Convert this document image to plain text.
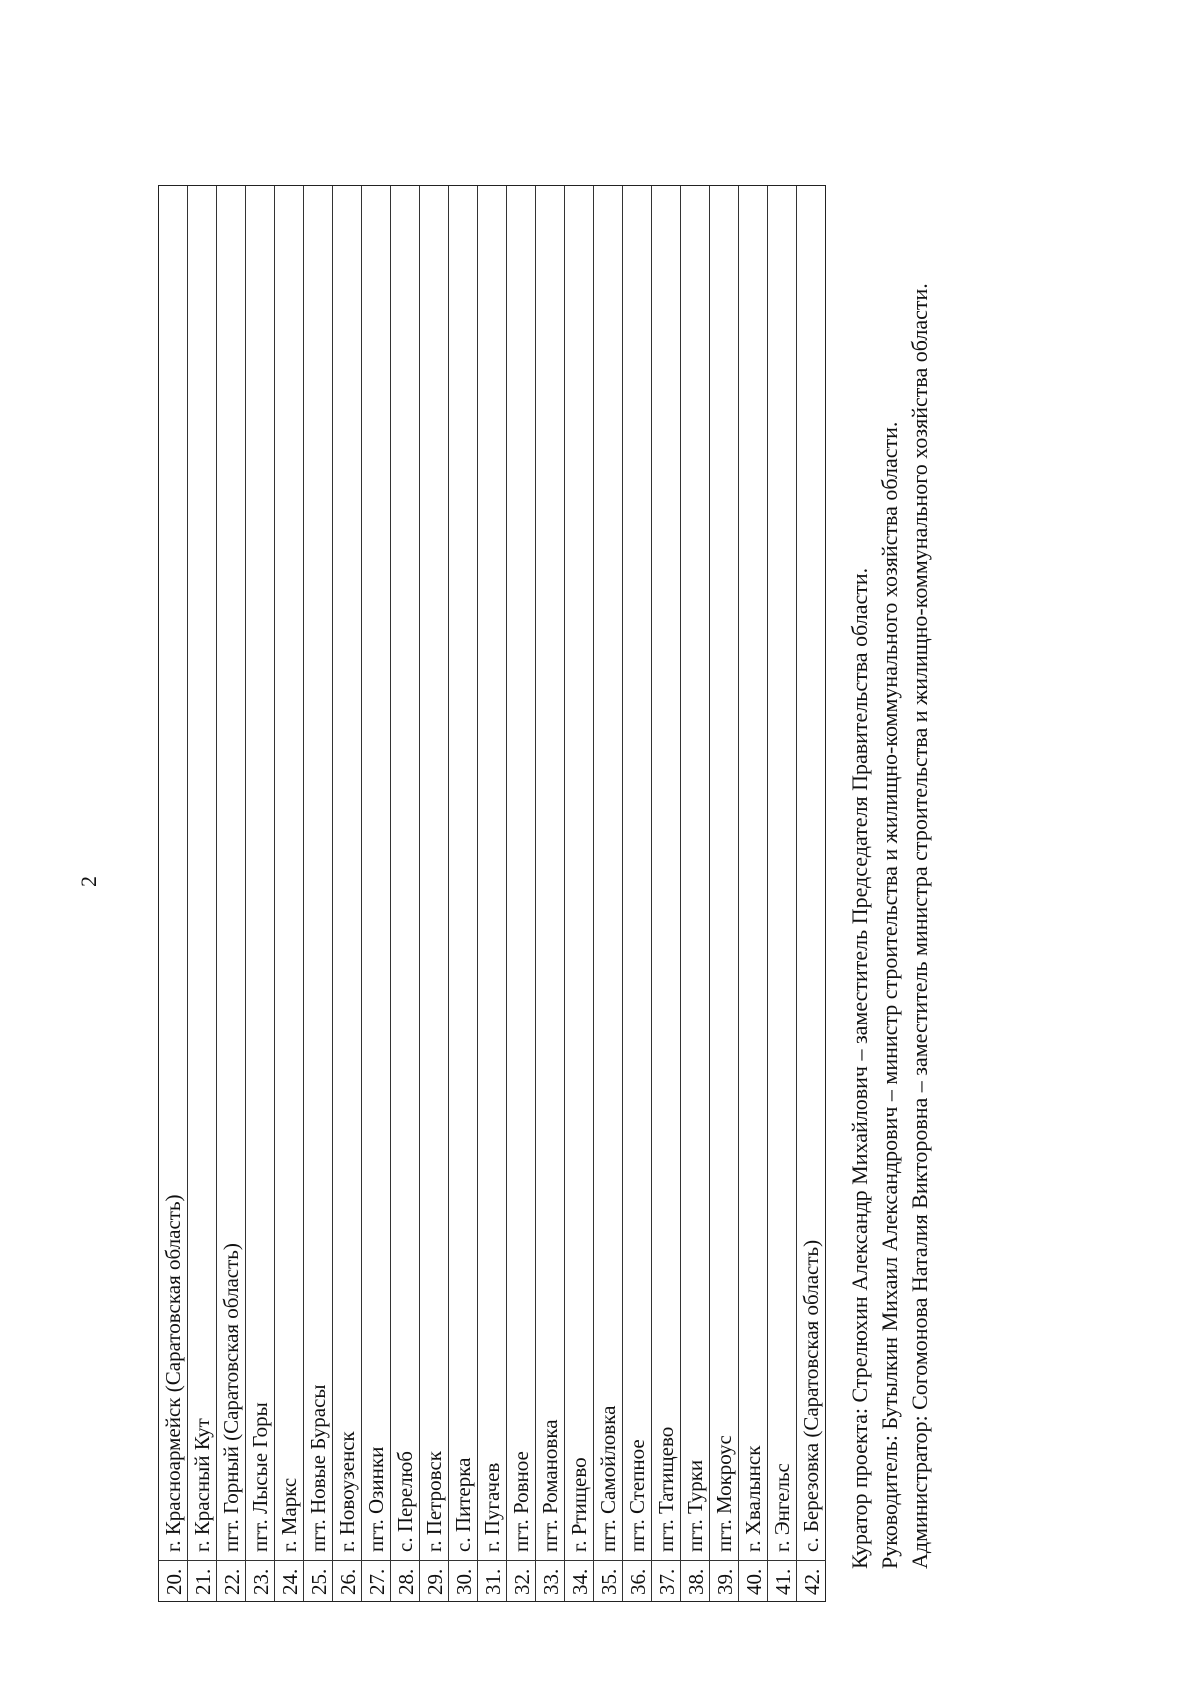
2
20.
г. Красноармейск (Саратовская область)
21.
г. Красный Кут
22.
пгт. Горный (Саратовская область)
23.
пгт. Лысые Горы
24.
г. Маркс
25.
пгт. Новые Бурасы
26.
г. Новоузенск
27.
пгт. Озинки
28.
с. Перелюб
29.
г. Петровск
30.
с. Питерка
31.
г. Пугачев
32.
пгт. Ровное
33.
пгт. Романовка
34.
г. Ртищево
35.
пгт. Самойловка
36.
пгт. Степное
37.
пгт. Татищево
38.
пгт. Турки
39.
пгт. Мокроус
40.
г. Хвалынск
41.
г. Энгельс
42.
с. Березовка (Саратовская область) Куратор проекта: Стрелюхин Александр Михайлович – заместитель Председателя Правительства области. Руководитель: Бутылкин Михаил Александрович – министр строительства и жилищно-коммунального хозяйства области. Администратор: Согомонова Наталия Викторовна – заместитель министра строительства и жилищно-коммунального хозяйства области.
